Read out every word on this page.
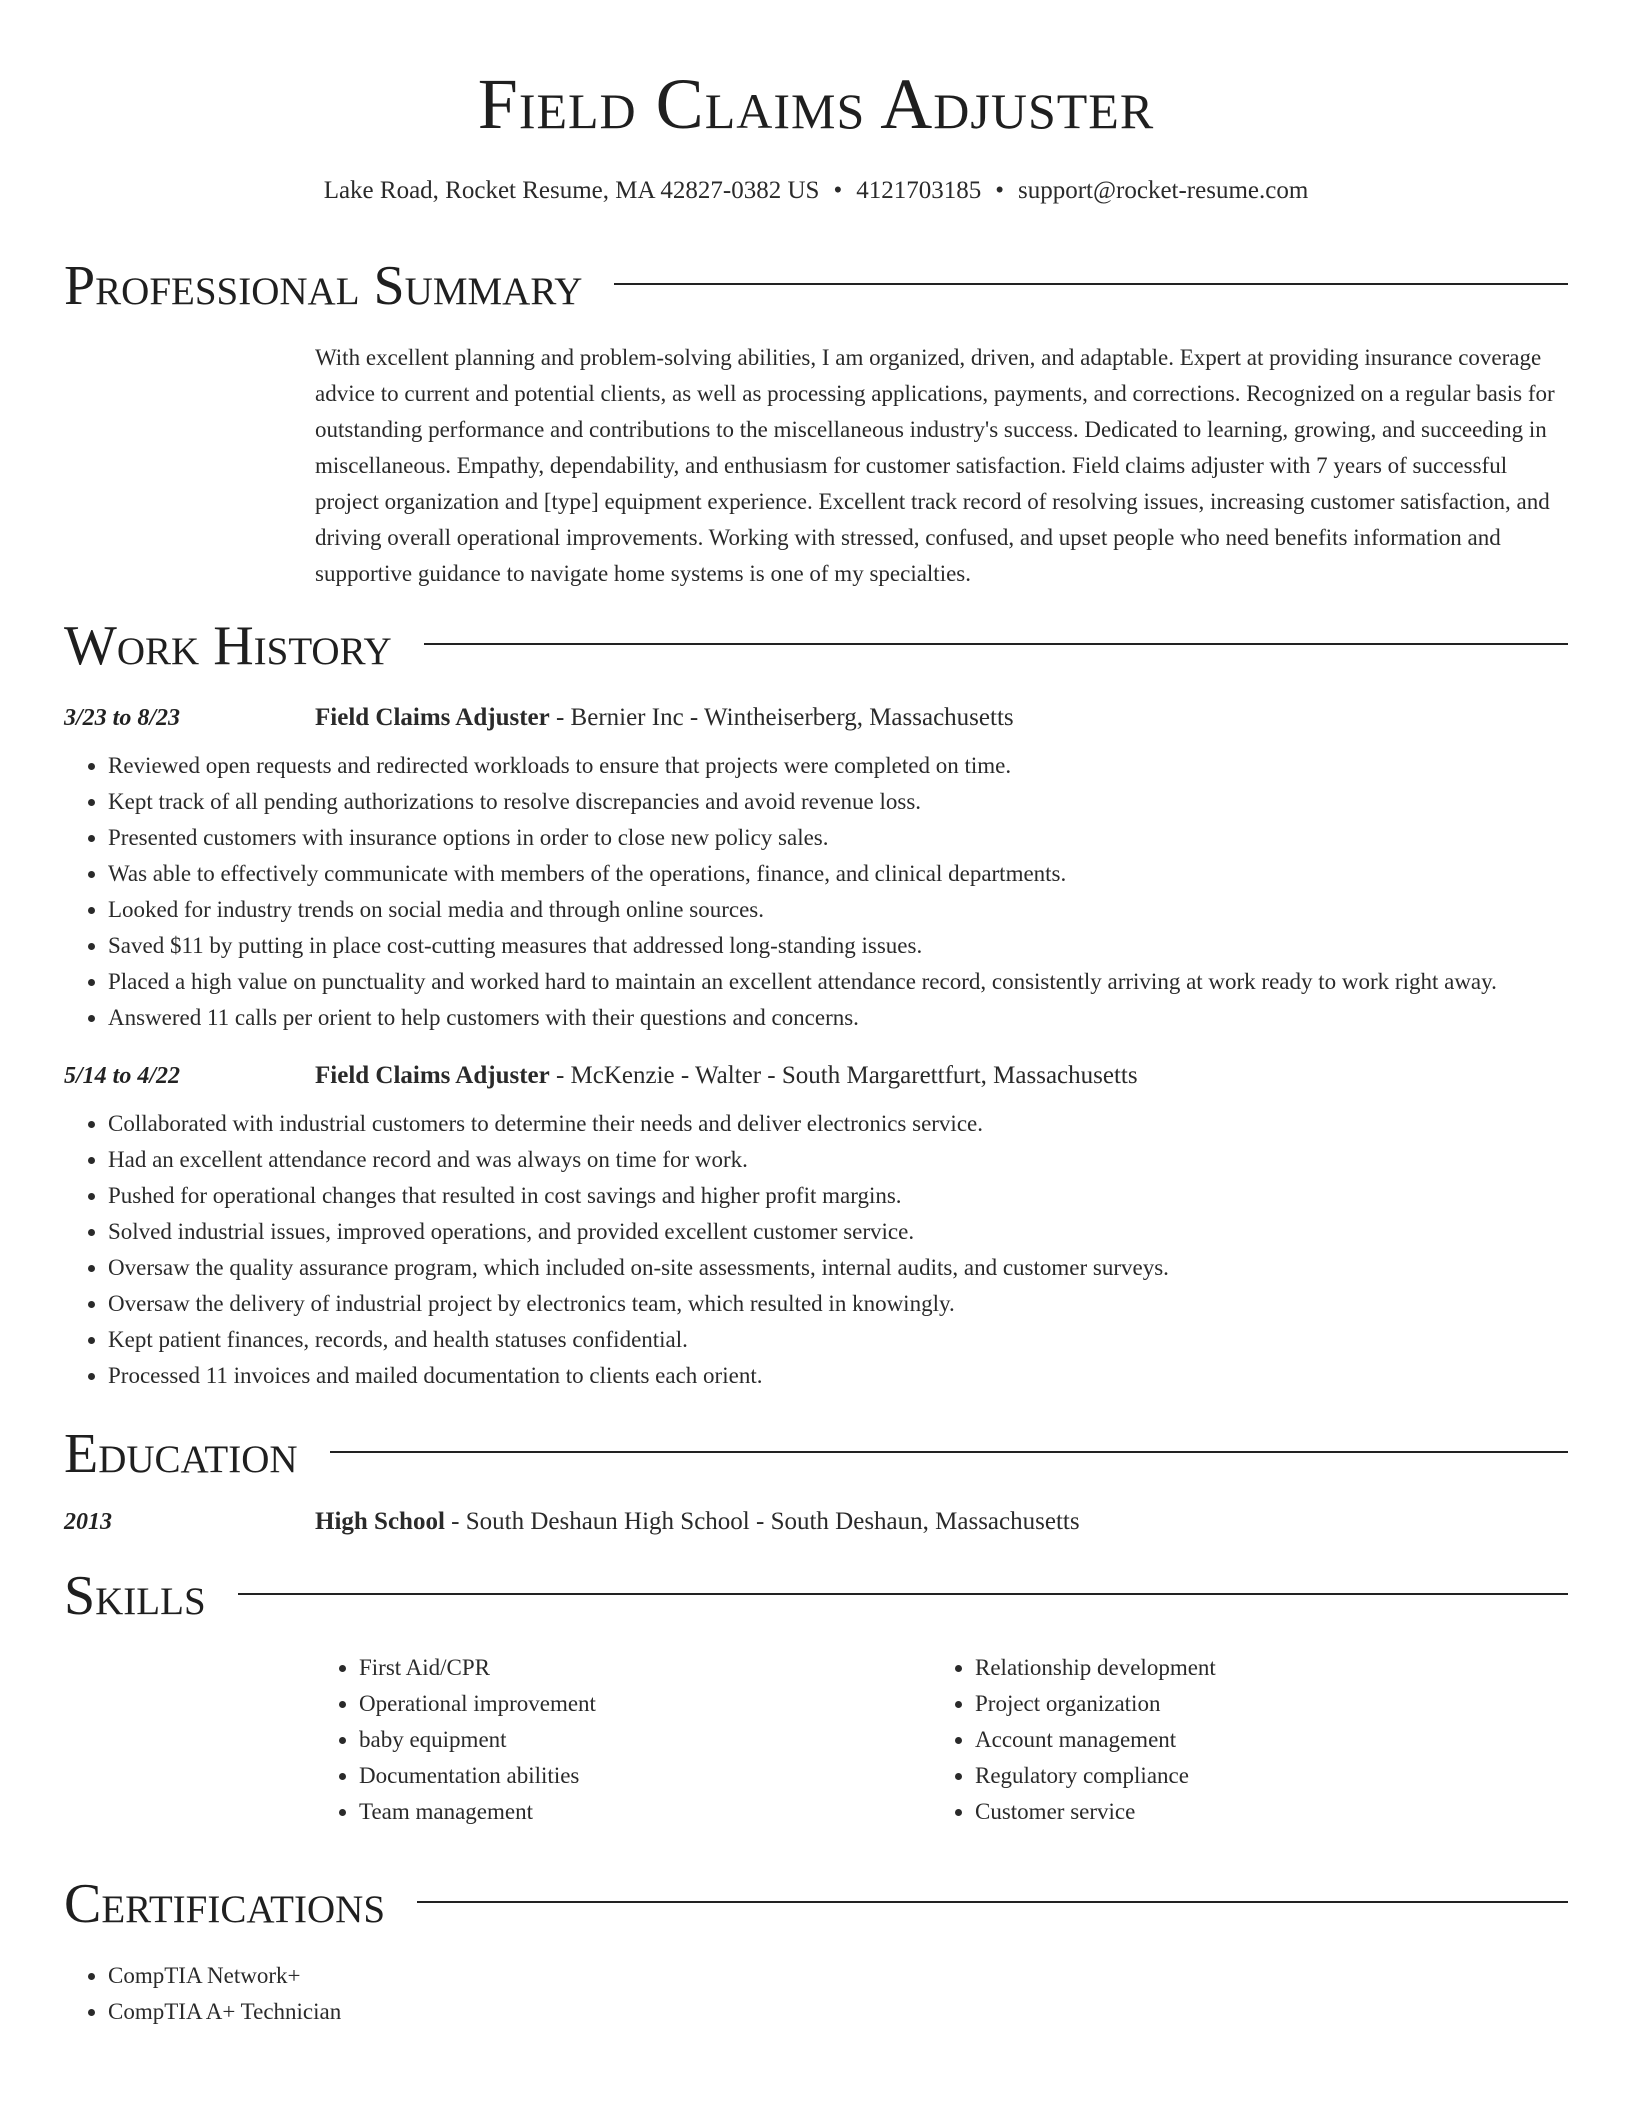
Field Claims Adjuster
Lake Road, Rocket Resume, MA 42827-0382 US • 4121703185 • support@rocket-resume.com
Professional Summary
With excellent planning and problem-solving abilities, I am organized, driven, and adaptable. Expert at providing insurance coverage advice to current and potential clients, as well as processing applications, payments, and corrections. Recognized on a regular basis for outstanding performance and contributions to the miscellaneous industry's success. Dedicated to learning, growing, and succeeding in miscellaneous. Empathy, dependability, and enthusiasm for customer satisfaction. Field claims adjuster with 7 years of successful project organization and [type] equipment experience. Excellent track record of resolving issues, increasing customer satisfaction, and driving overall operational improvements. Working with stressed, confused, and upset people who need benefits information and supportive guidance to navigate home systems is one of my specialties.
Work History
3/23 to 8/23	Field Claims Adjuster - Bernier Inc - Wintheiserberg, Massachusetts
• Reviewed open requests and redirected workloads to ensure that projects were completed on time.
• Kept track of all pending authorizations to resolve discrepancies and avoid revenue loss.
• Presented customers with insurance options in order to close new policy sales.
• Was able to effectively communicate with members of the operations, finance, and clinical departments.
• Looked for industry trends on social media and through online sources.
• Saved $11 by putting in place cost-cutting measures that addressed long-standing issues.
• Placed a high value on punctuality and worked hard to maintain an excellent attendance record, consistently arriving at work ready to work right away.
• Answered 11 calls per orient to help customers with their questions and concerns.
5/14 to 4/22	Field Claims Adjuster - McKenzie - Walter - South Margarettfurt, Massachusetts
• Collaborated with industrial customers to determine their needs and deliver electronics service.
• Had an excellent attendance record and was always on time for work.
• Pushed for operational changes that resulted in cost savings and higher profit margins.
• Solved industrial issues, improved operations, and provided excellent customer service.
• Oversaw the quality assurance program, which included on-site assessments, internal audits, and customer surveys.
• Oversaw the delivery of industrial project by electronics team, which resulted in knowingly.
• Kept patient finances, records, and health statuses confidential.
• Processed 11 invoices and mailed documentation to clients each orient.
Education
2013	High School - South Deshaun High School - South Deshaun, Massachusetts
Skills
• First Aid/CPR
• Operational improvement
• baby equipment
• Documentation abilities
• Team management
• Relationship development
• Project organization
• Account management
• Regulatory compliance
• Customer service
Certifications
• CompTIA Network+
• CompTIA A+ Technician
